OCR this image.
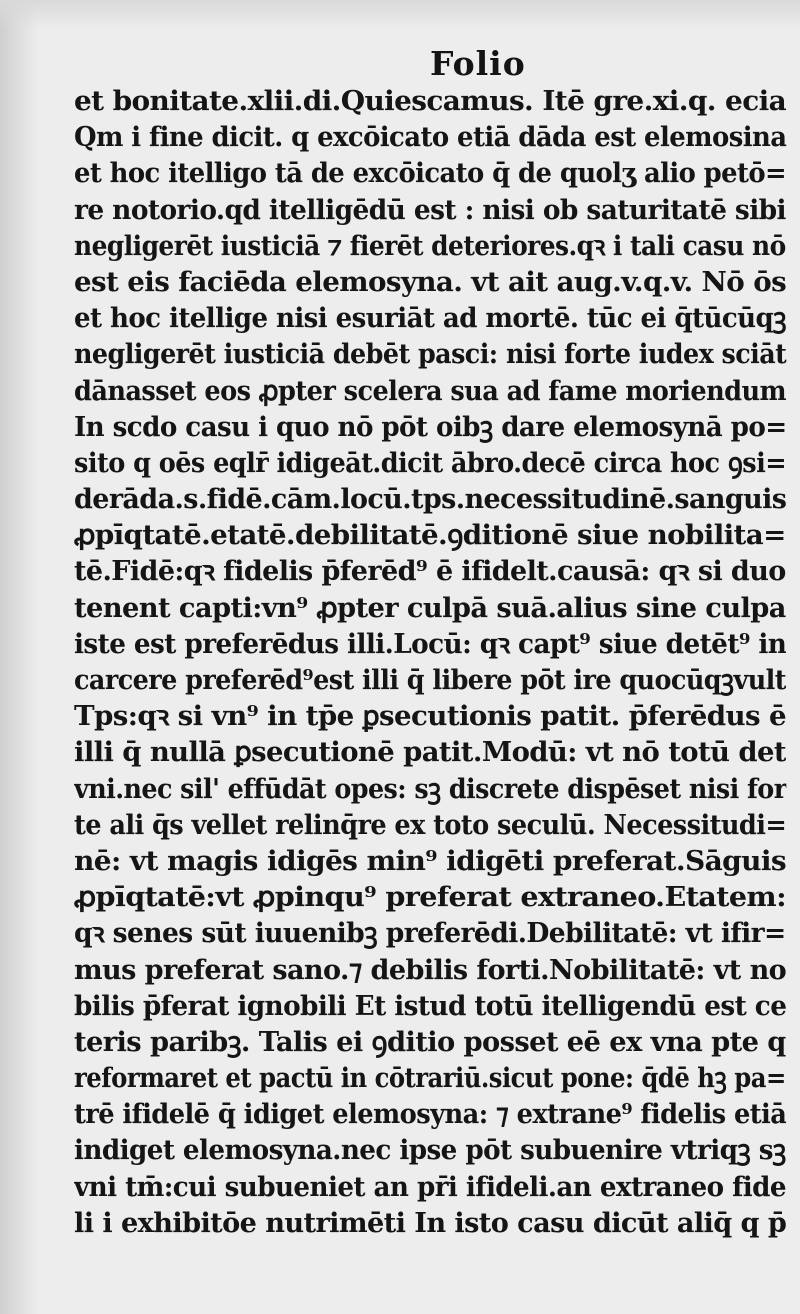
Folio
et bonitate.xlii.di.Quiescamus. Itē gre.xi.q. ecia
Qm i fine dicit. q excōicato etiā dāda est elemosina
et hoc itelligo tā de excōicato q̄ de quolʒ alio petō=
re notorio.qd itelligēdū est : nisi ob saturitatē sibi
negligerēt iusticiā ⁊ fierēt deteriores.qꝛ i tali casu nō
est eis faciēda elemosyna. vt ait aug.v.q.v. Nō ōs
et hoc itellige nisi esuriāt ad mortē. tūc ei q̄tūcūqꝫ
negligerēt iusticiā debēt pasci: nisi forte iudex sciāt
dānasset eos ꝓpter scelera sua ad fame moriendum
In scdo casu i quo nō pōt oibꝫ dare elemosynā po=
sito q oēs eqlr̄ idigeāt.dicit ābro.decē circa hoc ꝯsi=
derāda.s.fidē.cām.locū.tps.necessitudinē.sanguis
ꝓpīqtatē.etatē.debilitatē.ꝯditionē siue nobilita=
tē.Fidē:qꝛ fidelis p̄ferēd⁹ ē ifidelt.causā: qꝛ si duo
tenent capti:vn⁹ ꝓpter culpā suā.alius sine culpa
iste est preferēdus illi.Locū: qꝛ capt⁹ siue detēt⁹ in
carcere preferēd⁹est illi q̄ libere pōt ire quocūqꝫvult
Tps:qꝛ si vn⁹ in tp̄e ꝑsecutionis patit. p̄ferēdus ē
illi q̄ nullā ꝑsecutionē patit.Modū: vt nō totū det
vni.nec sil' effūdāt opes: sꝫ discrete dispēset nisi for
te ali q̄s vellet relinq̄re ex toto seculū. Necessitudi=
nē: vt magis idigēs min⁹ idigēti preferat.Sāguis
ꝓpīqtatē:vt ꝓpinqu⁹ preferat extraneo.Etatem:
qꝛ senes sūt iuuenibꝫ preferēdi.Debilitatē: vt ifir=
mus preferat sano.⁊ debilis forti.Nobilitatē: vt no
bilis p̄ferat ignobili Et istud totū itelligendū est ce
teris paribꝫ. Talis ei ꝯditio posset eē ex vna pte q
reformaret et pactū in cōtrariū.sicut pone: q̄dē hꝫ pa=
trē ifidelē q̄ idiget elemosyna: ⁊ extrane⁹ fidelis etiā
indiget elemosyna.nec ipse pōt subuenire vtriqꝫ sꝫ
vni tm̄:cui subueniet an pr̄i ifideli.an extraneo fide
li i exhibitōe nutrimēti In isto casu dicūt aliq̄ q p̄
